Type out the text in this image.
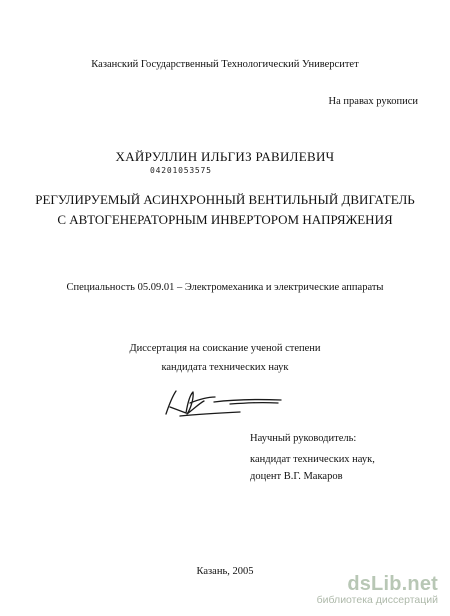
Казанский Государственный Технологический Университет
На правах рукописи
ХАЙРУЛЛИН ИЛЬГИЗ РАВИЛЕВИЧ
04201053575
РЕГУЛИРУЕМЫЙ АСИНХРОННЫЙ ВЕНТИЛЬНЫЙ ДВИГАТЕЛЬ
С АВТОГЕНЕРАТОРНЫМ ИНВЕРТОРОМ НАПРЯЖЕНИЯ
Специальность 05.09.01 – Электромеханика и электрические аппараты
Диссертация на соискание ученой степени
кандидата технических наук
Научный руководитель:
кандидат технических наук,
доцент В.Г. Макаров
Казань, 2005
dsLib.net
библиотека диссертаций
